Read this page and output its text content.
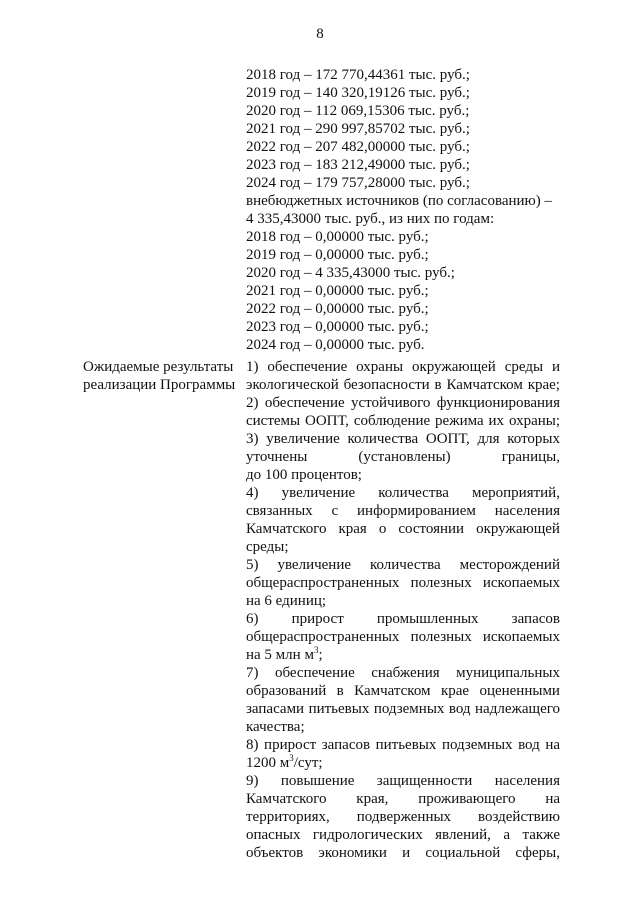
8
2018 год – 172 770,44361 тыс. руб.;
2019 год – 140 320,19126 тыс. руб.;
2020 год – 112 069,15306 тыс. руб.;
2021 год – 290 997,85702 тыс. руб.;
2022 год – 207 482,00000 тыс. руб.;
2023 год – 183 212,49000 тыс. руб.;
2024 год – 179 757,28000 тыс. руб.;
внебюджетных источников (по согласованию) –
4 335,43000 тыс. руб., из них по годам:
2018 год – 0,00000 тыс. руб.;
2019 год – 0,00000 тыс. руб.;
2020 год – 4 335,43000 тыс. руб.;
2021 год – 0,00000 тыс. руб.;
2022 год – 0,00000 тыс. руб.;
2023 год – 0,00000 тыс. руб.;
2024 год – 0,00000 тыс. руб.
Ожидаемые результаты
реализации Программы
1) обеспечение охраны окружающей среды и
экологической безопасности в Камчатском крае;
2) обеспечение устойчивого функционирования
системы ООПТ, соблюдение режима их охраны;
3) увеличение количества ООПТ, для которых
уточнены	(установлены)	границы,
до 100 процентов;
4) увеличение количества мероприятий,
связанных с информированием населения
Камчатского края о состоянии окружающей
среды;
5) увеличение количества месторождений
общераспространенных полезных ископаемых
на 6 единиц;
6) прирост промышленных запасов
общераспространенных полезных ископаемых
на 5 млн $м^3$;
7) обеспечение снабжения муниципальных
образований в Камчатском крае оцененными
запасами питьевых подземных вод надлежащего
качества;
8) прирост запасов питьевых подземных вод на
1200 $м^3$/сут;
9) повышение защищенности населения
Камчатского края, проживающего на
территориях, подверженных воздействию
опасных гидрологических явлений, а также
объектов экономики и социальной сферы,
